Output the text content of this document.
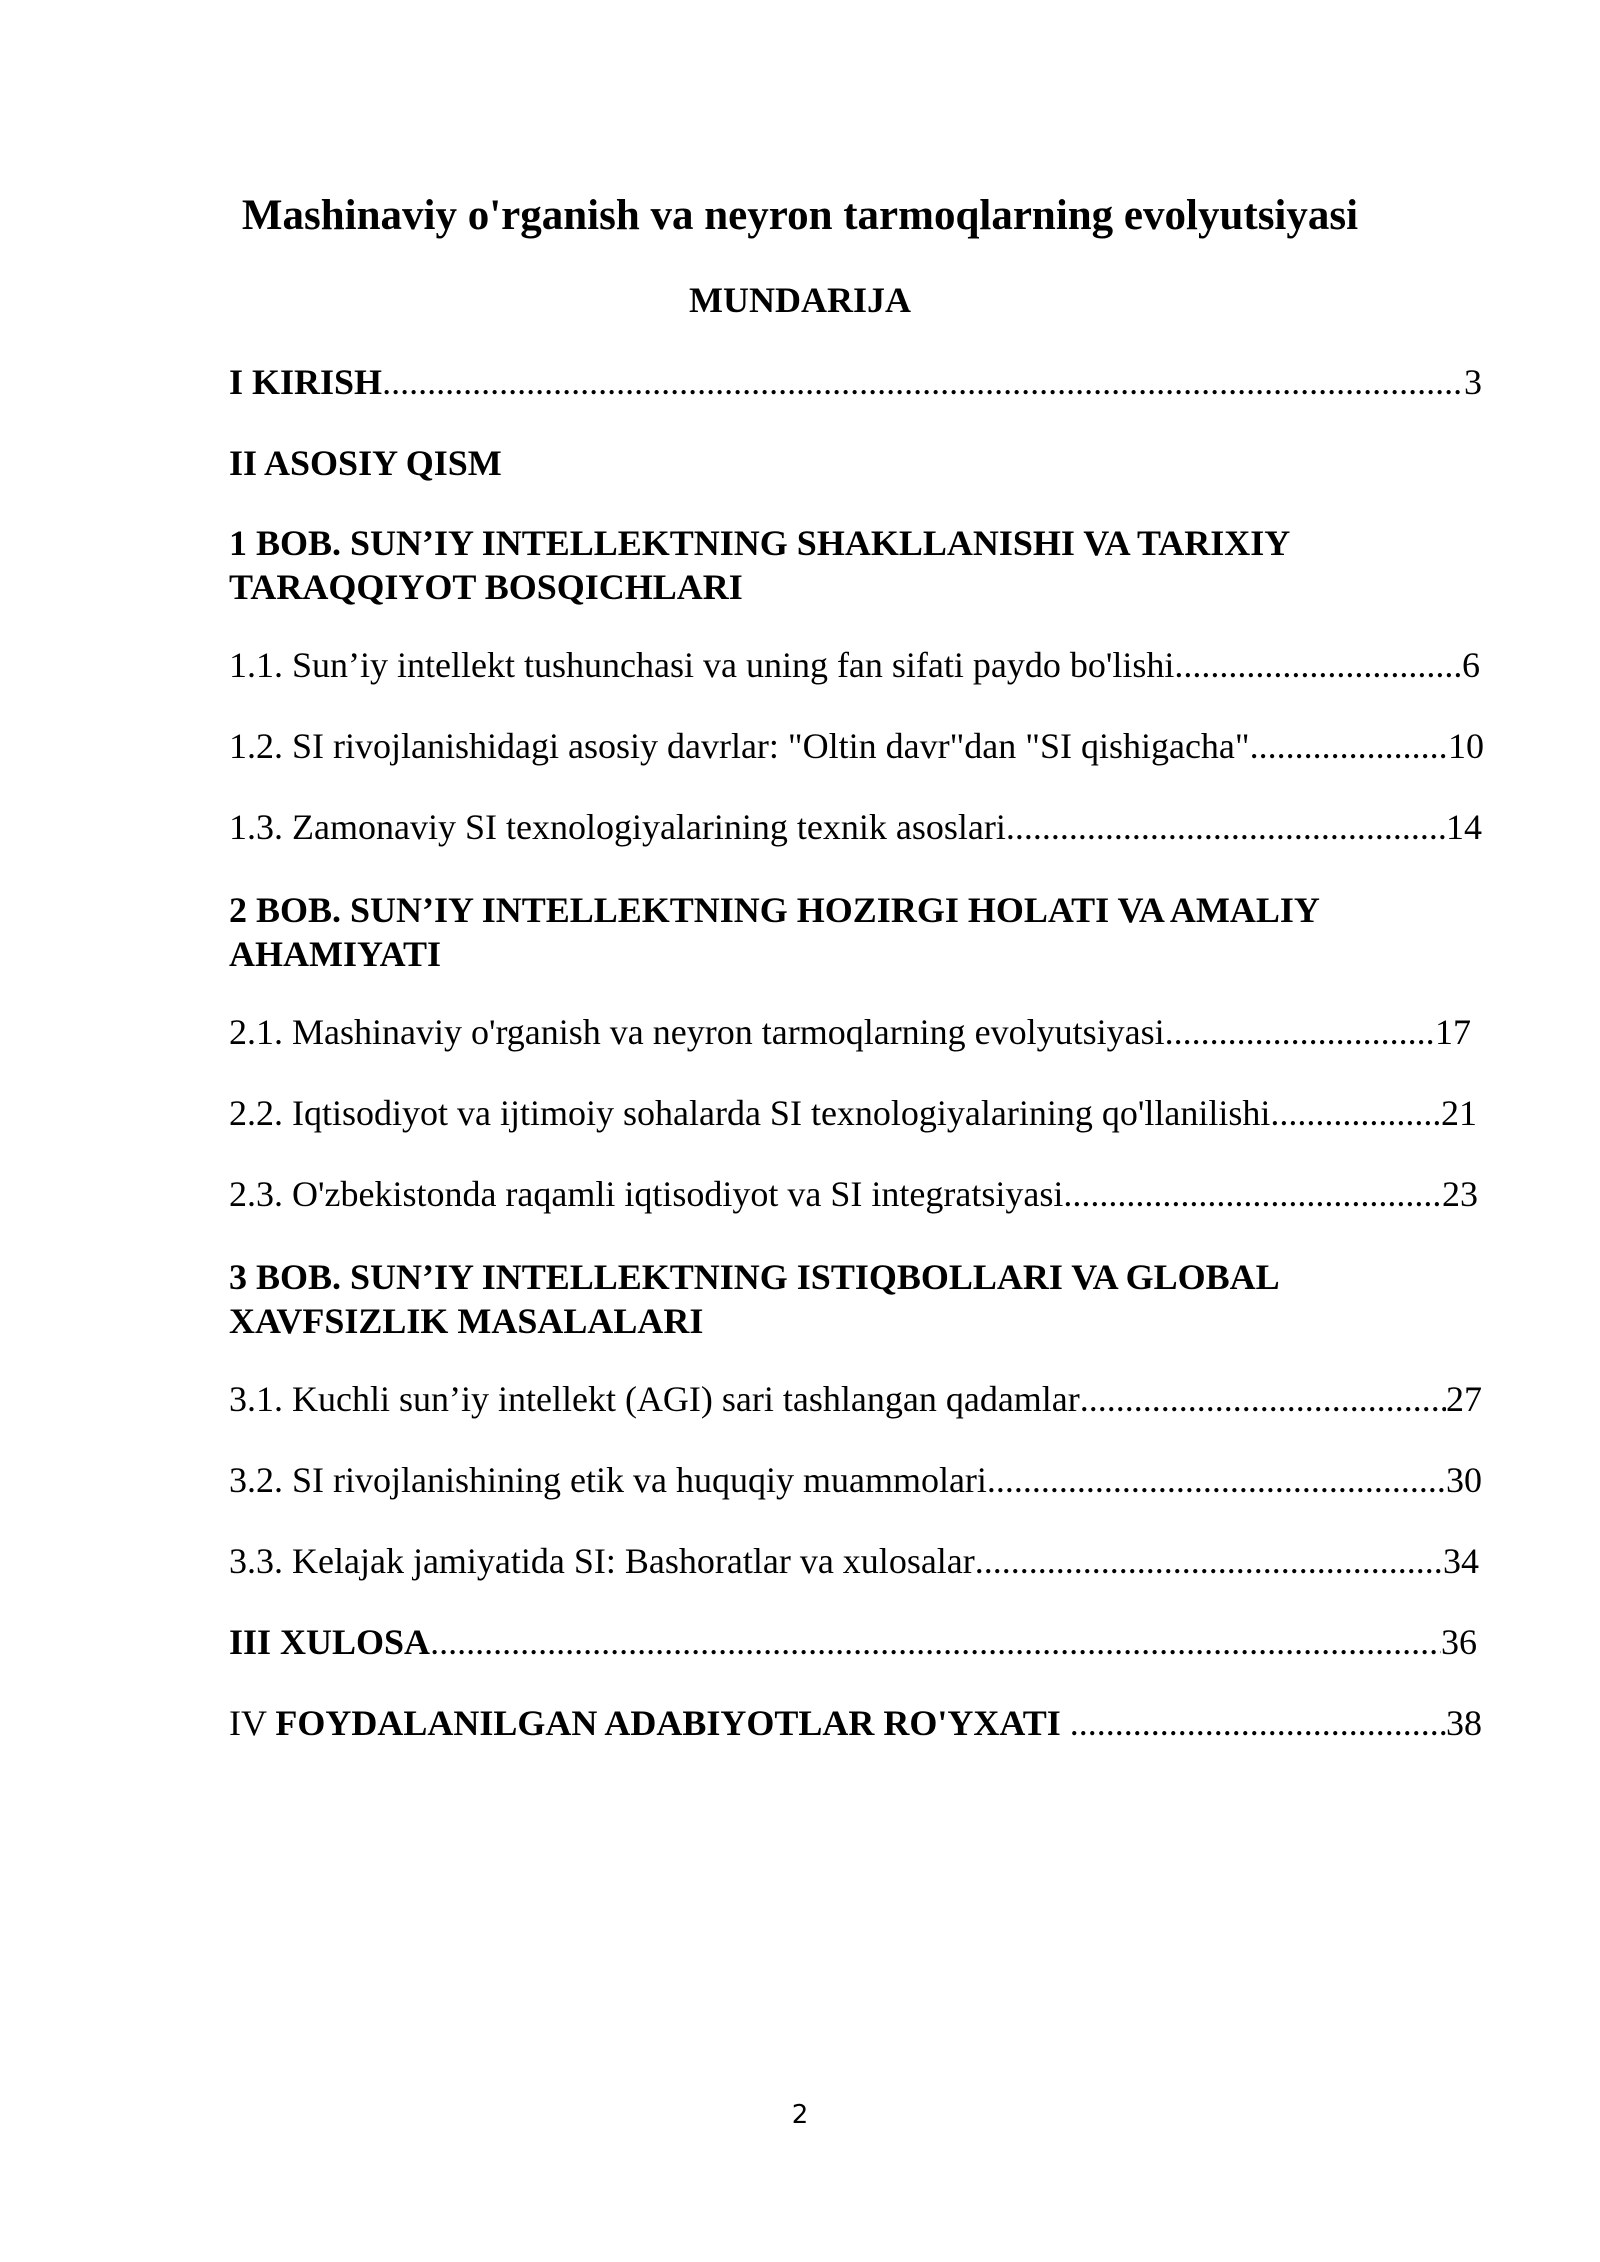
Mashinaviy o'rganish va neyron tarmoqlarning evolyutsiyasi
MUNDARIJA
I KIRISH .....	3
II ASOSIY QISM
1 BOB. SUN’IY INTELLEKTNING SHAKLLANISHI VA TARIXIY TARAQQIYOT BOSQICHLARI
1.1. Sun’iy intellekt tushunchasi va uning fan sifati paydo bo'lishi .....	6
1.2. SI rivojlanishidagi asosiy davrlar: "Oltin davr"dan "SI qishigacha" .....	10
1.3. Zamonaviy SI texnologiyalarining texnik asoslari .....	14
2 BOB. SUN’IY INTELLEKTNING HOZIRGI HOLATI VA AMALIY AHAMIYATI
2.1. Mashinaviy o'rganish va neyron tarmoqlarning evolyutsiyasi .....	17
2.2. Iqtisodiyot va ijtimoiy sohalarda SI texnologiyalarining qo'llanilishi .....	21
2.3. O'zbekistonda raqamli iqtisodiyot va SI integratsiyasi .....	23
3 BOB. SUN’IY INTELLEKTNING ISTIQBOLLARI VA GLOBAL XAVFSIZLIK MASALALARI
3.1. Kuchli sun’iy intellekt (AGI) sari tashlangan qadamlar .....	27
3.2. SI rivojlanishining etik va huquqiy muammolari .....	30
3.3. Kelajak jamiyatida SI: Bashoratlar va xulosalar .....	34
III XULOSA .....	36
IV FOYDALANILGAN ADABIYOTLAR RO'YXATI .....	38
2
